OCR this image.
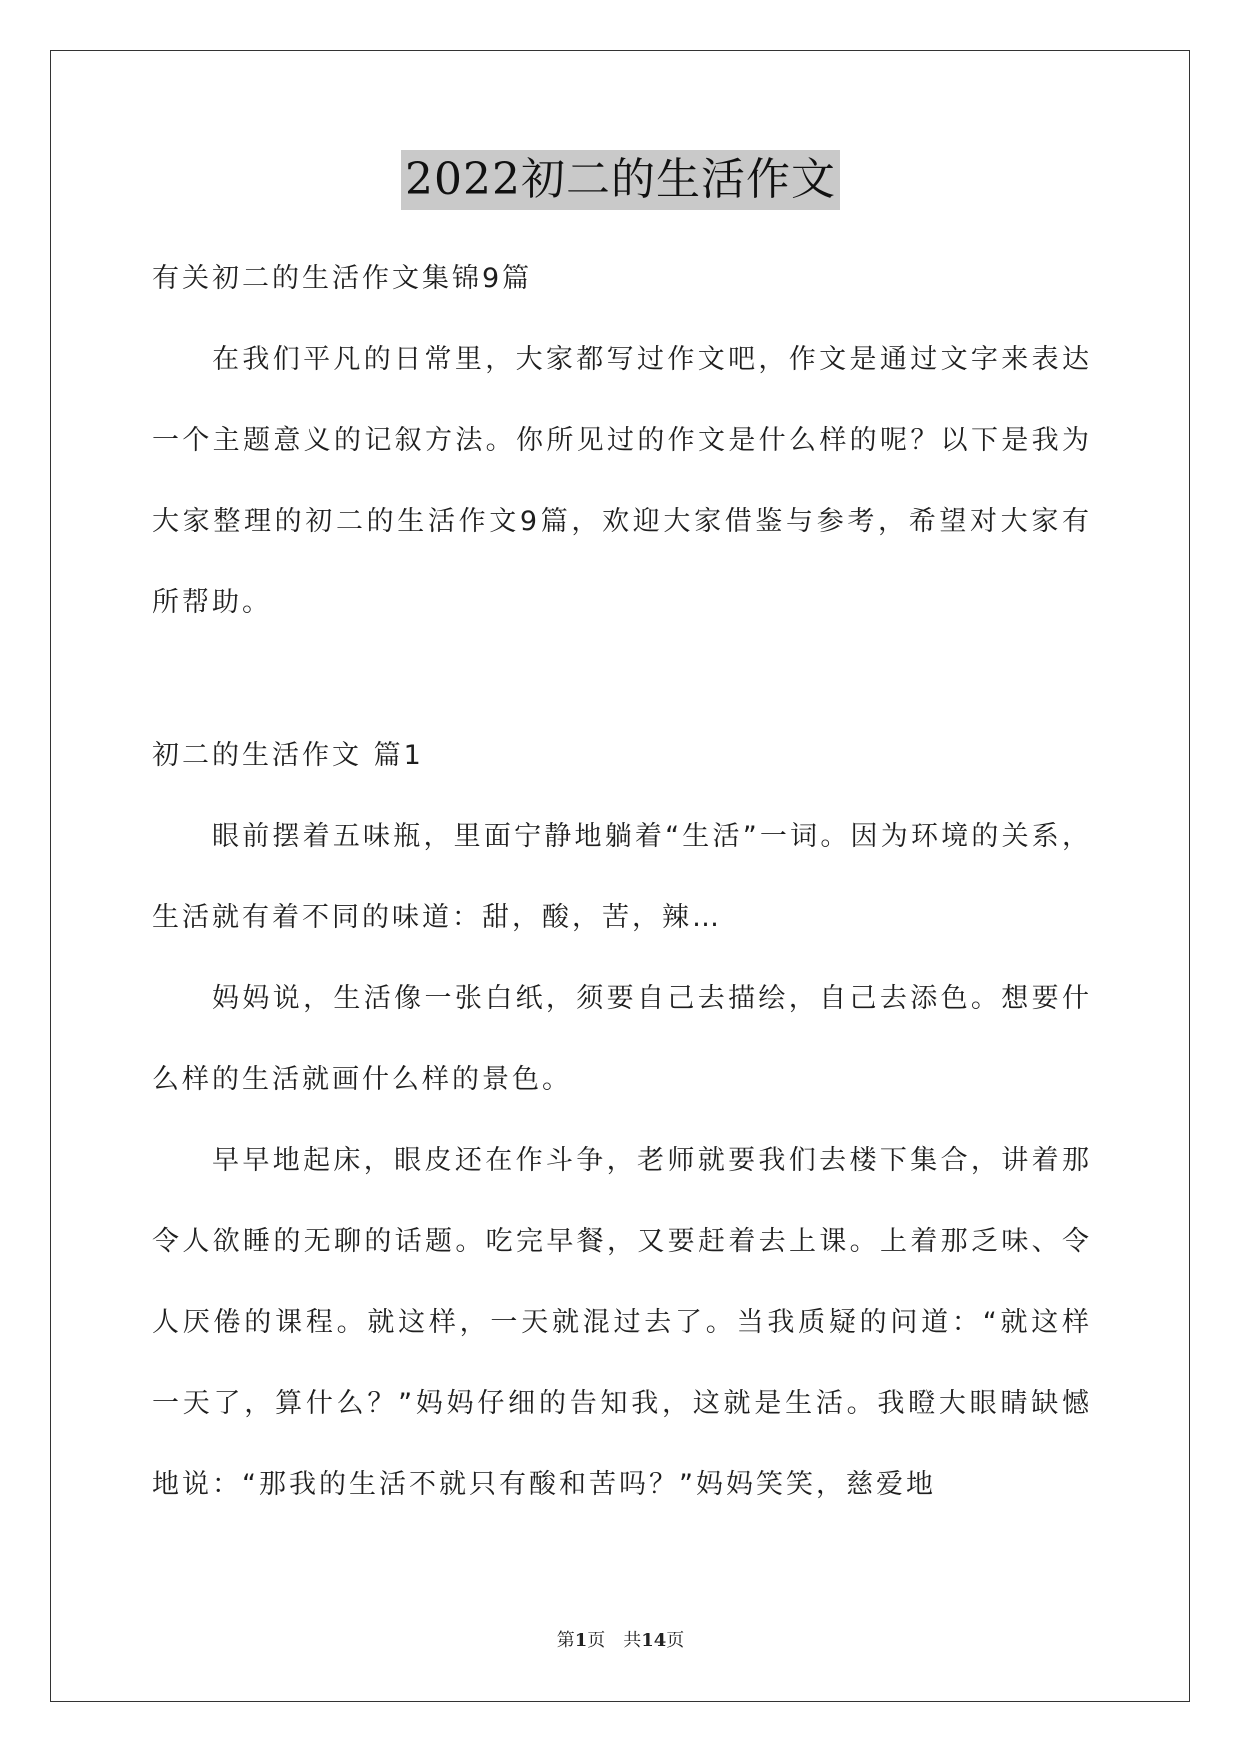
2022初二的生活作文

有关初二的生活作文集锦9篇

在我们平凡的日常里，大家都写过作文吧，作文是通过文字来表达一个主题意义的记叙方法。你所见过的作文是什么样的呢？以下是我为大家整理的初二的生活作文9篇，欢迎大家借鉴与参考，希望对大家有所帮助。

初二的生活作文 篇1

眼前摆着五味瓶，里面宁静地躺着“生活”一词。因为环境的关系，生活就有着不同的味道：甜，酸，苦，辣…

妈妈说，生活像一张白纸，须要自己去描绘，自己去添色。想要什么样的生活就画什么样的景色。

早早地起床，眼皮还在作斗争，老师就要我们去楼下集合，讲着那令人欲睡的无聊的话题。吃完早餐，又要赶着去上课。上着那乏味、令人厌倦的课程。就这样，一天就混过去了。当我质疑的问道：“就这样一天了，算什么？”妈妈仔细的告知我，这就是生活。我瞪大眼睛缺憾地说：“那我的生活不就只有酸和苦吗？”妈妈笑笑，慈爱地

第1页　共14页
